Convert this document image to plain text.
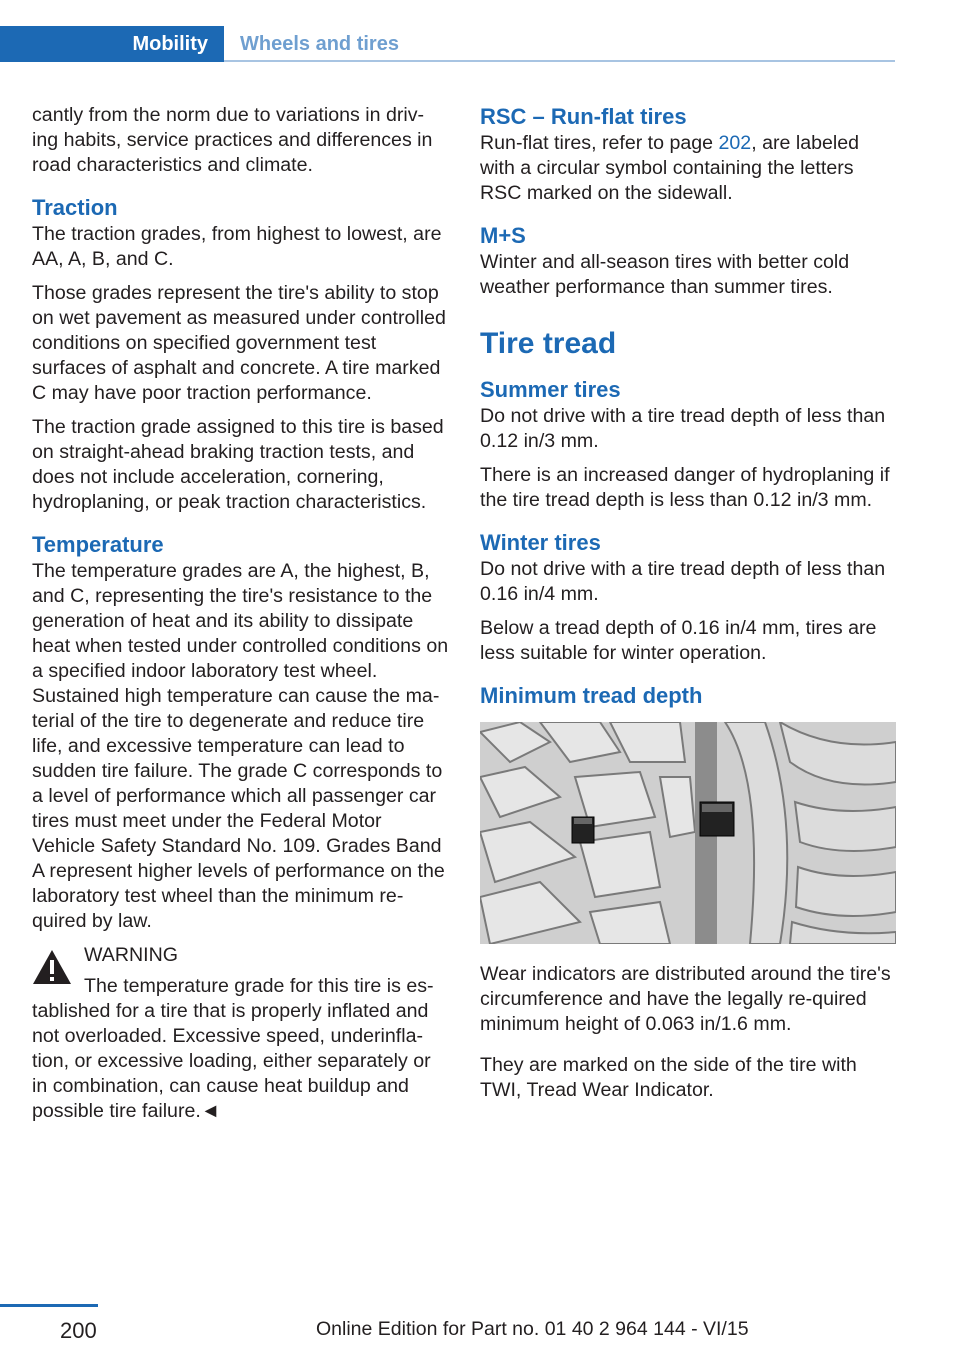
Mobility Wheels and tires

cantly from the norm due to variations in driv-ing habits, service practices and differences in road characteristics and climate.

Traction

The traction grades, from highest to lowest, are AA, A, B, and C.

Those grades represent the tire's ability to stop on wet pavement as measured under controlled conditions on specified government test surfaces of asphalt and concrete. A tire marked C may have poor traction performance.

The traction grade assigned to this tire is based on straight-ahead braking traction tests, and does not include acceleration, cornering, hydroplaning, or peak traction characteristics.

Temperature

The temperature grades are A, the highest, B, and C, representing the tire's resistance to the generation of heat and its ability to dissipate heat when tested under controlled conditions on a specified indoor laboratory test wheel. Sustained high temperature can cause the ma-terial of the tire to degenerate and reduce tire life, and excessive temperature can lead to sudden tire failure. The grade C corresponds to a level of performance which all passenger car tires must meet under the Federal Motor Vehicle Safety Standard No. 109. Grades Band A represent higher levels of performance on the laboratory test wheel than the minimum re-quired by law.

WARNING
The temperature grade for this tire is es-
tablished for a tire that is properly inflated and not overloaded. Excessive speed, underinfla-tion, or excessive loading, either separately or in combination, can cause heat buildup and possible tire failure.◄
RSC – Run-flat tires

Run-flat tires, refer to page 202, are labeled with a circular symbol containing the letters RSC marked on the sidewall.

M+S

Winter and all-season tires with better cold weather performance than summer tires.

Tire tread
Summer tires

Do not drive with a tire tread depth of less than 0.12 in/3 mm.

There is an increased danger of hydroplaning if the tire tread depth is less than 0.12 in/3 mm.

Winter tires

Do not drive with a tire tread depth of less than 0.16 in/4 mm.

Below a tread depth of 0.16 in/4 mm, tires are less suitable for winter operation.

Minimum tread depth

Wear indicators are distributed around the tire's circumference and have the legally re-quired minimum height of 0.063 in/1.6 mm.

They are marked on the side of the tire with TWI, Tread Wear Indicator.

200	Online Edition for Part no. 01 40 2 964 144 - VI/15
